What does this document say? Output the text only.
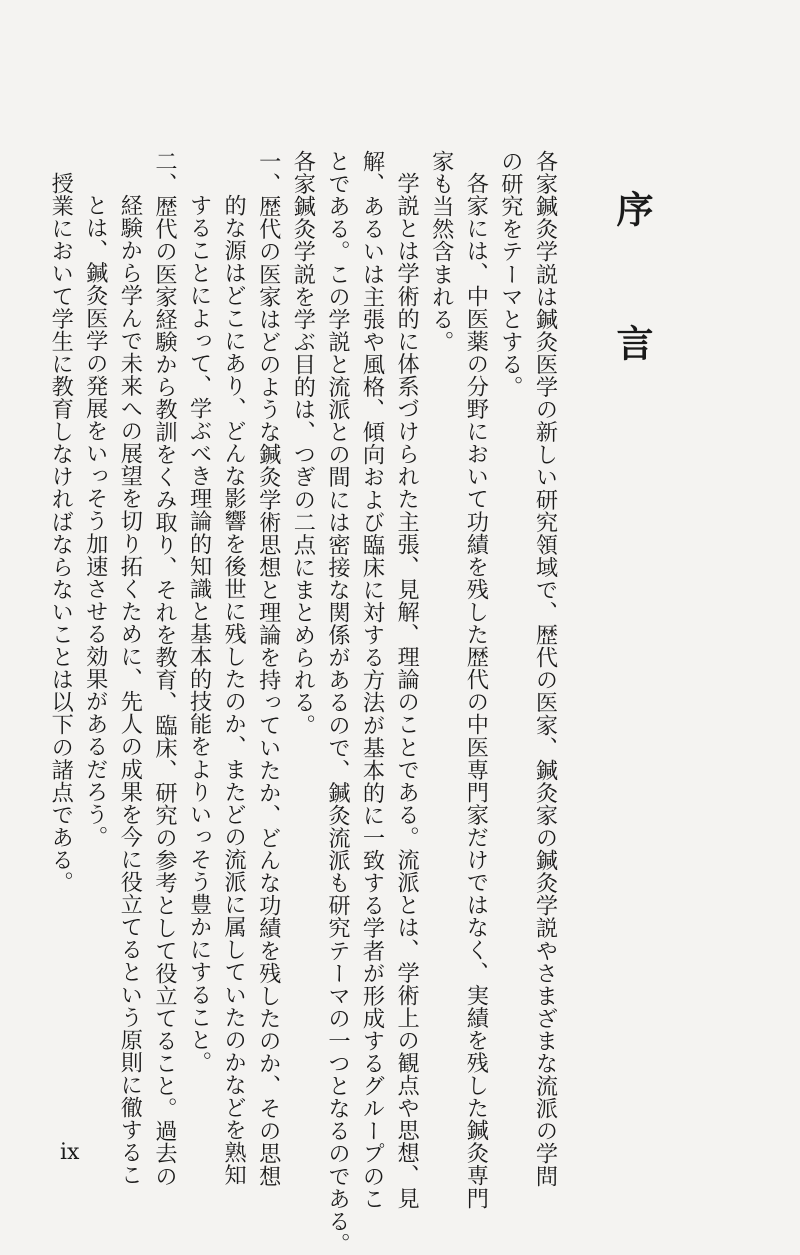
序　言
各家鍼灸学説は鍼灸医学の新しい研究領域で、歴代の医家、鍼灸家の鍼灸学説やさまざまな流派の学問
の研究をテーマとする。
各家には、中医薬の分野において功績を残した歴代の中医専門家だけではなく、実績を残した鍼灸専門
家も当然含まれる。
学説とは学術的に体系づけられた主張、見解、理論のことである。流派とは、学術上の観点や思想、見
解、あるいは主張や風格、傾向および臨床に対する方法が基本的に一致する学者が形成するグループのこ
とである。この学説と流派との間には密接な関係があるので、鍼灸流派も研究テーマの一つとなるのである。
各家鍼灸学説を学ぶ目的は、つぎの二点にまとめられる。
一、歴代の医家はどのような鍼灸学術思想と理論を持っていたか、どんな功績を残したのか、その思想
的な源はどこにあり、どんな影響を後世に残したのか、またどの流派に属していたのかなどを熟知
することによって、学ぶべき理論的知識と基本的技能をよりいっそう豊かにすること。
二、歴代の医家経験から教訓をくみ取り、それを教育、臨床、研究の参考として役立てること。過去の
経験から学んで未来への展望を切り拓くために、先人の成果を今に役立てるという原則に徹するこ
とは、鍼灸医学の発展をいっそう加速させる効果があるだろう。
授業において学生に教育しなければならないことは以下の諸点である。
ix
